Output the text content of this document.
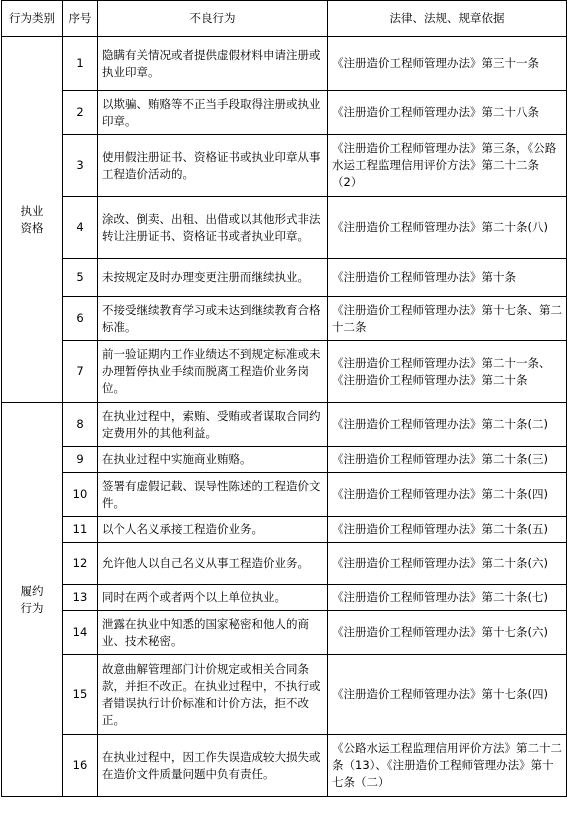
行为类别	序号	不良行为	法律、法规、规章依据

执业资格	1	隐瞒有关情况或者提供虚假材料申请注册或执业印章。	《注册造价工程师管理办法》第三十一条
	2	以欺骗、贿赂等不正当手段取得注册或执业印章。	《注册造价工程师管理办法》第二十八条
	3	使用假注册证书、资格证书或执业印章从事工程造价活动的。	《注册造价工程师管理办法》第三条，《公路水运工程监理信用评价方法》第二十二条（2）
	4	涂改、倒卖、出租、出借或以其他形式非法转让注册证书、资格证书或者执业印章。	《注册造价工程师管理办法》第二十条(八)
	5	未按规定及时办理变更注册而继续执业。	《注册造价工程师管理办法》第十条
	6	不接受继续教育学习或未达到继续教育合格标准。	《注册造价工程师管理办法》第十七条、第二十二条
	7	前一验证期内工作业绩达不到规定标准或未办理暂停执业手续而脱离工程造价业务岗位。	《注册造价工程师管理办法》第二十一条、《注册造价工程师管理办法》第二十条

履约行为	8	在执业过程中，索贿、受贿或者谋取合同约定费用外的其他利益。	《注册造价工程师管理办法》第二十条(二)
	9	在执业过程中实施商业贿赂。	《注册造价工程师管理办法》第二十条(三)
	10	签署有虚假记载、误导性陈述的工程造价文件。	《注册造价工程师管理办法》第二十条(四)
	11	以个人名义承接工程造价业务。	《注册造价工程师管理办法》第二十条(五)
	12	允许他人以自己名义从事工程造价业务。	《注册造价工程师管理办法》第二十条(六)
	13	同时在两个或者两个以上单位执业。	《注册造价工程师管理办法》第二十条(七)
	14	泄露在执业中知悉的国家秘密和他人的商业、技术秘密。	《注册造价工程师管理办法》第十七条(六)
	15	故意曲解管理部门计价规定或相关合同条款，并拒不改正。在执业过程中，不执行或者错误执行计价标准和计价方法，拒不改正。	《注册造价工程师管理办法》第十七条(四)
	16	在执业过程中，因工作失误造成较大损失或在造价文件质量问题中负有责任。	《公路水运工程监理信用评价方法》第二十二条（13）、《注册造价工程师管理办法》第十七条（二）
